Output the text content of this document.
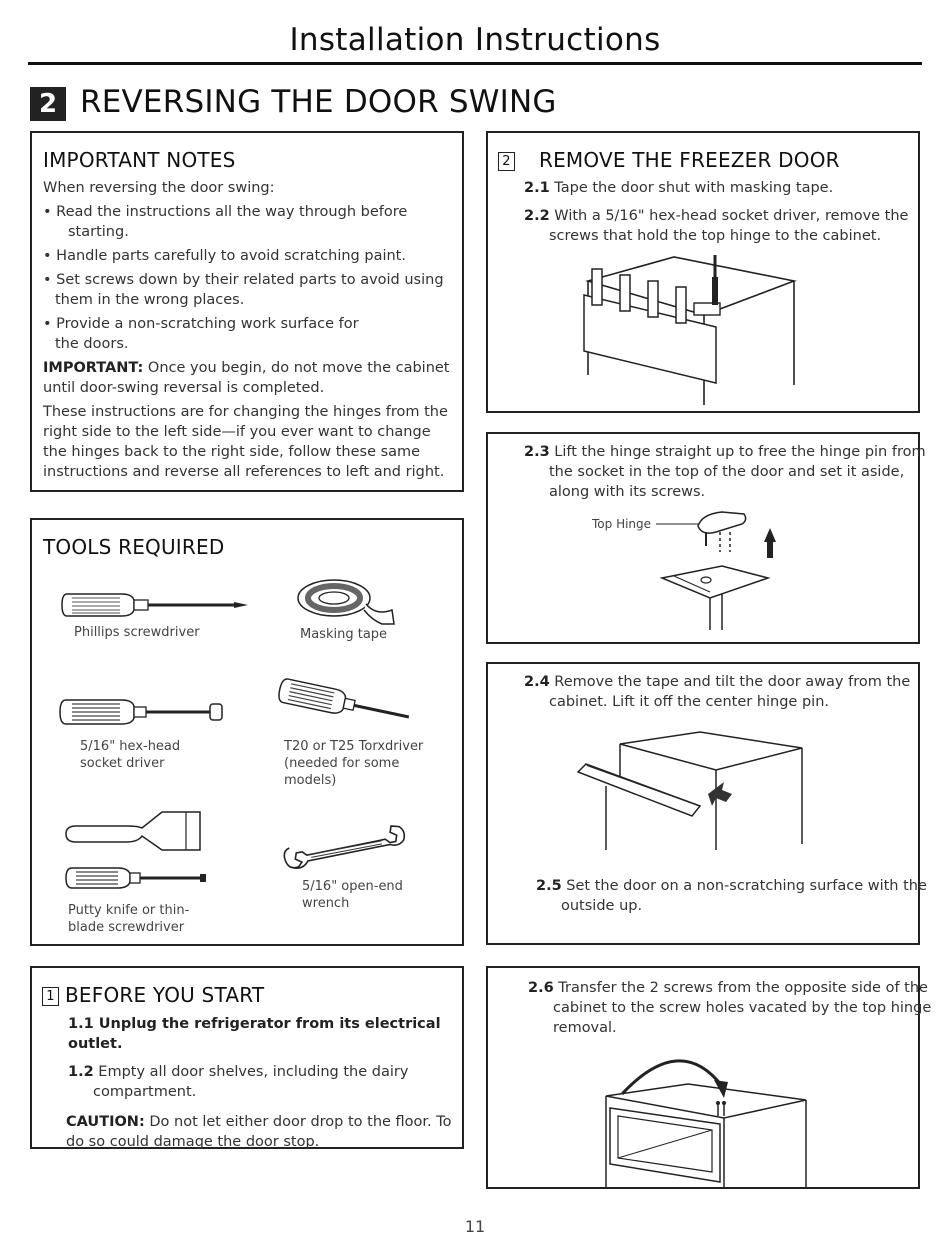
Installation Instructions
2 REVERSING THE DOOR SWING
IMPORTANT NOTES
When reversing the door swing:
• Read the instructions all the way through before starting.
• Handle parts carefully to avoid scratching paint.
• Set screws down by their related parts to avoid using them in the wrong places.
• Provide a non-scratching work surface for the doors.
IMPORTANT: Once you begin, do not move the cabinet until door-swing reversal is completed.
These instructions are for changing the hinges from the right side to the left side—if you ever want to change the hinges back to the right side, follow these same instructions and reverse all references to left and right.
TOOLS REQUIRED
Phillips screwdriver	Masking tape
5/16" hex-head socket driver
T20 or T25 Torxdriver (needed for some models)
Putty knife or thin-blade screwdriver
5/16" open-end wrench
1 BEFORE YOU START
1.1 Unplug the refrigerator from its electrical outlet.
1.2 Empty all door shelves, including the dairy compartment.
CAUTION: Do not let either door drop to the floor. To do so could damage the door stop.
2 REMOVE THE FREEZER DOOR
2.1 Tape the door shut with masking tape.
2.2 With a 5/16" hex-head socket driver, remove the screws that hold the top hinge to the cabinet.
2.3 Lift the hinge straight up to free the hinge pin from the socket in the top of the door and set it aside, along with its screws.
Top Hinge
2.4 Remove the tape and tilt the door away from the cabinet. Lift it off the center hinge pin.
2.5 Set the door on a non-scratching surface with the outside up.
2.6 Transfer the 2 screws from the opposite side of the cabinet to the screw holes vacated by the top hinge removal.
11
